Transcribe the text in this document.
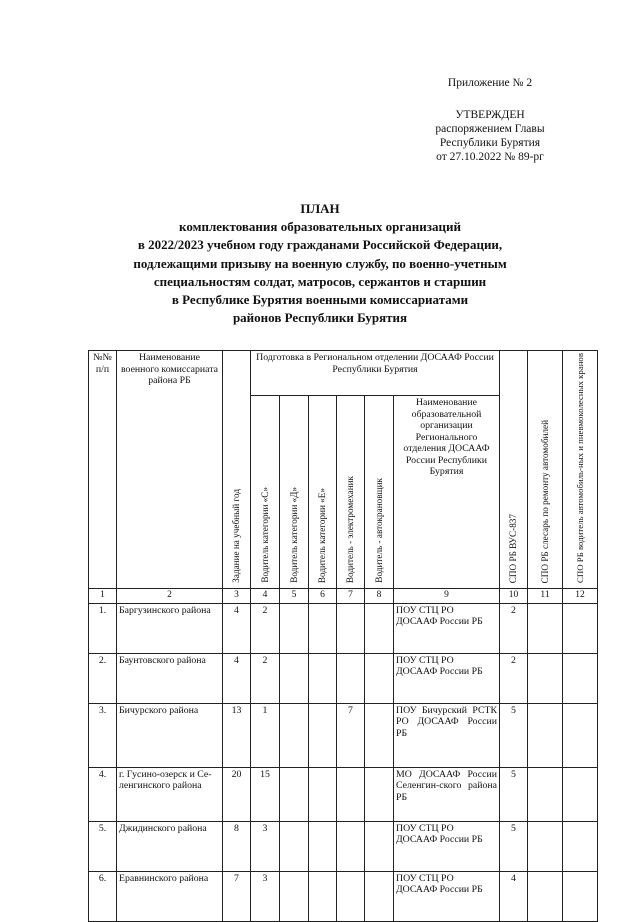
Приложение № 2
УТВЕРЖДЕН
распоряжением Главы
Республики Бурятия
от 27.10.2022 № 89-рг
ПЛАН
комплектования образовательных организаций
в 2022/2023 учебном году гражданами Российской Федерации,
подлежащими призыву на военную службу, по военно-учетным
специальностям солдат, матросов, сержантов и старшин
в Республике Бурятия военными комиссариатами
районов Республики Бурятия
№№ п/п	Наименование военного комиссариата района РБ	Задание на учебный год	Подготовка в Региональном отделении ДОСААФ России Республики Бурятия						СПО РБ ВУС-837	СПО РБ слесарь по ремонту автомобилей	СПО РБ водитель автомобиль-ных и пневмоколесных кранов
			Водитель категории «С»	Водитель категории «Д»	Водитель категории «Е»	Водитель - электромеханик	Водитель - автокрановщик	Наименование образовательной организации Регионального отделения ДОСААФ России Республики Бурятия			
1	2	3	4	5	6	7	8	9	10	11	12
1.	Баргузинского района	4	2					ПОУ СТЦ РО ДОСААФ России РБ	2		
2.	Баунтовского района	4	2					ПОУ СТЦ РО ДОСААФ России РБ	2		
3.	Бичурского района	13	1			7		ПОУ Бичурский РСТК РО ДОСААФ России РБ	5		
4.	г. Гусино-озерск и Се-ленгинского района	20	15					МО ДОСААФ России Селенгин-ского района РБ	5		
5.	Джидинского района	8	3					ПОУ СТЦ РО ДОСААФ России РБ	5		
6.	Еравнинского района	7	3					ПОУ СТЦ РО ДОСААФ России РБ	4		
